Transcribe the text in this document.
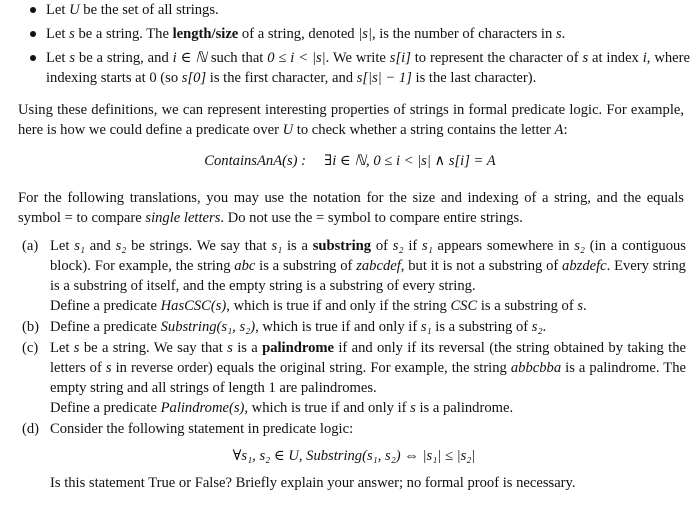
Let U be the set of all strings.
Let s be a string. The length/size of a string, denoted |s|, is the number of characters in s.
Let s be a string, and i ∈ ℕ such that 0 ≤ i < |s|. We write s[i] to represent the character of s at index i, where indexing starts at 0 (so s[0] is the first character, and s[|s| − 1] is the last character).
Using these definitions, we can represent interesting properties of strings in formal predicate logic. For example, here is how we could define a predicate over U to check whether a string contains the letter A:
ContainsAnA(s) : ∃i ∈ ℕ, 0 ≤ i < |s| ∧ s[i] = A
For the following translations, you may use the notation for the size and indexing of a string, and the equals symbol = to compare single letters. Do not use the = symbol to compare entire strings.
(a) Let s₁ and s₂ be strings. We say that s₁ is a substring of s₂ if s₁ appears somewhere in s₂ (in a contiguous block). For example, the string abc is a substring of zabcdef, but it is not a substring of abzdefc. Every string is a substring of itself, and the empty string is a substring of every string.

Define a predicate HasCSC(s), which is true if and only if the string CSC is a substring of s.

(b) Define a predicate Substring(s₁, s₂), which is true if and only if s₁ is a substring of s₂.

(c) Let s be a string. We say that s is a palindrome if and only if its reversal (the string obtained by taking the letters of s in reverse order) equals the original string. For example, the string abbcbba is a palindrome. The empty string and all strings of length 1 are palindromes.

Define a predicate Palindrome(s), which is true if and only if s is a palindrome.

(d) Consider the following statement in predicate logic:

∀s₁, s₂ ∈ U, Substring(s₁, s₂) ⇔ |s₁| ≤ |s₂|

Is this statement True or False? Briefly explain your answer; no formal proof is necessary.
